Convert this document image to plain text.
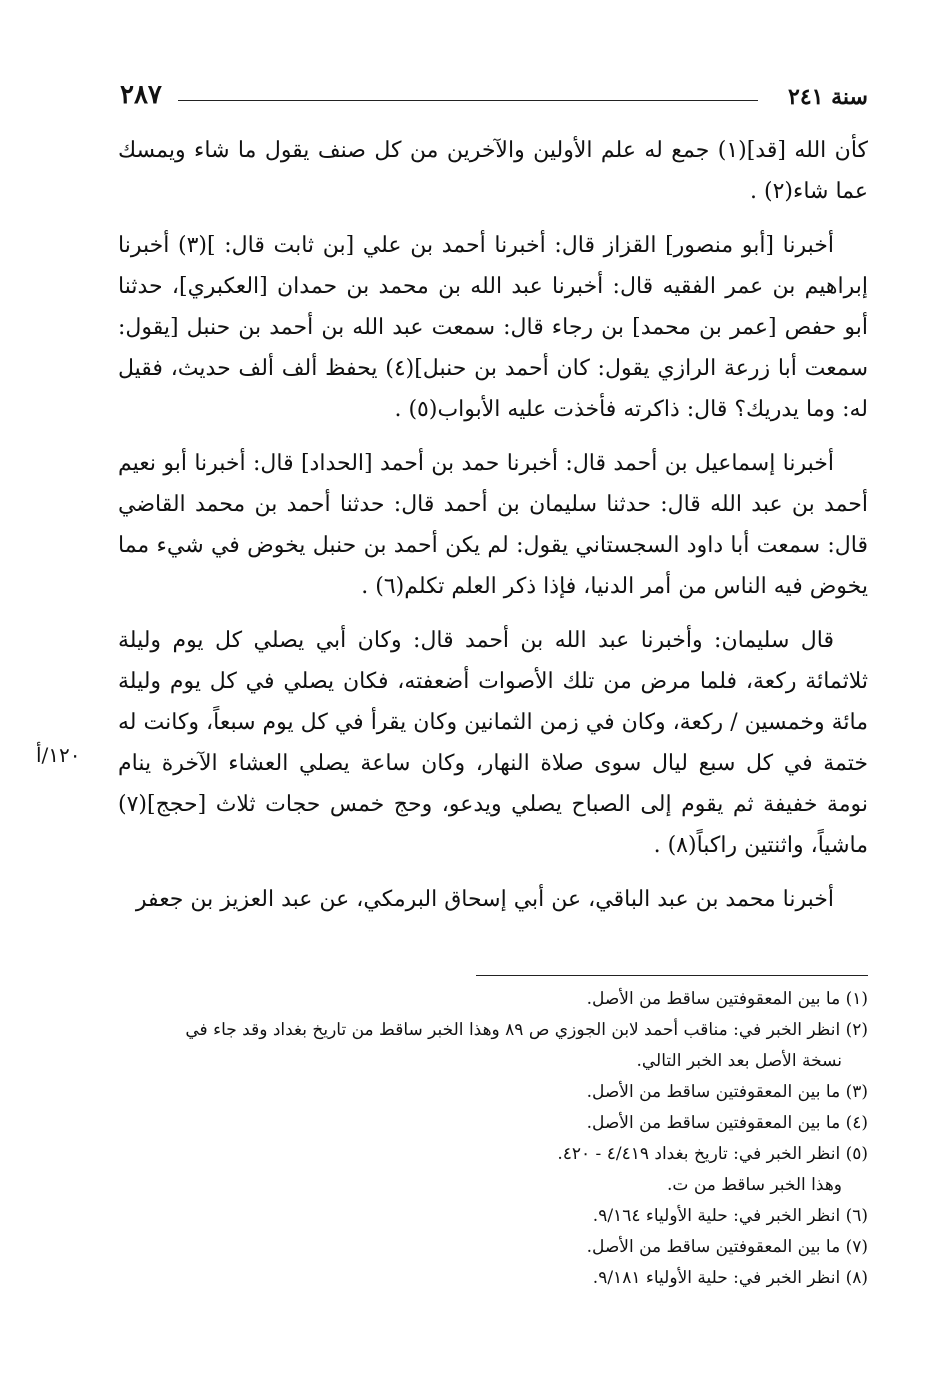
سنة ٢٤١
٢٨٧

كأن الله [قد](١) جمع له علم الأولين والآخرين من كل صنف يقول ما شاء ويمسك عما شاء(٢) .

أخبرنا [أبو منصور] القزاز قال: أخبرنا أحمد بن علي [بن ثابت قال: ](٣) أخبرنا إبراهيم بن عمر الفقيه قال: أخبرنا عبد الله بن محمد بن حمدان [العكبري]، حدثنا أبو حفص [عمر بن محمد] بن رجاء قال: سمعت عبد الله بن أحمد بن حنبل [يقول: سمعت أبا زرعة الرازي يقول: كان أحمد بن حنبل](٤) يحفظ ألف ألف حديث، فقيل له: وما يدريك؟ قال: ذاكرته فأخذت عليه الأبواب(٥) .

أخبرنا إسماعيل بن أحمد قال: أخبرنا حمد بن أحمد [الحداد] قال: أخبرنا أبو نعيم أحمد بن عبد الله قال: حدثنا سليمان بن أحمد قال: حدثنا أحمد بن محمد القاضي قال: سمعت أبا داود السجستاني يقول: لم يكن أحمد بن حنبل يخوض في شيء مما يخوض فيه الناس من أمر الدنيا، فإذا ذكر العلم تكلم(٦) .

قال سليمان: وأخبرنا عبد الله بن أحمد قال: وكان أبي يصلي كل يوم وليلة ثلاثمائة ركعة، فلما مرض من تلك الأصوات أضعفته، فكان يصلي في كل يوم وليلة مائة وخمسين / ركعة، وكان في زمن الثمانين وكان يقرأ في كل يوم سبعاً، وكانت له ختمة في كل سبع ليال سوى صلاة النهار، وكان ساعة يصلي العشاء الآخرة ينام نومة خفيفة ثم يقوم إلى الصباح يصلي ويدعو، وحج خمس حجات ثلاث [حجج](٧) ماشياً، واثنتين راكباً(٨) .

أخبرنا محمد بن عبد الباقي، عن أبي إسحاق البرمكي، عن عبد العزيز بن جعفر

١٢٠/أ

(١) ما بين المعقوفتين ساقط من الأصل.

(٢) انظر الخبر في: مناقب أحمد لابن الجوزي ص ٨٩ وهذا الخبر ساقط من تاريخ بغداد وقد جاء في

نسخة الأصل بعد الخبر التالي.

(٣) ما بين المعقوفتين ساقط من الأصل.

(٤) ما بين المعقوفتين ساقط من الأصل.

(٥) انظر الخبر في: تاريخ بغداد ٤/٤١٩ - ٤٢٠.

وهذا الخبر ساقط من ت.

(٦) انظر الخبر في: حلية الأولياء ٩/١٦٤.

(٧) ما بين المعقوفتين ساقط من الأصل.

(٨) انظر الخبر في: حلية الأولياء ٩/١٨١.
